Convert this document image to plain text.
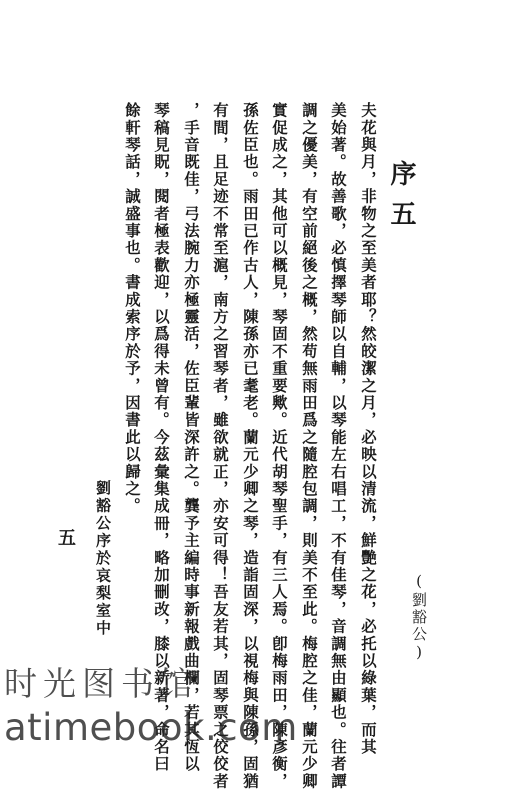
序五
(劉豁公)
夫花與月，非物之至美者耶？然皎潔之月，必映以清流，鮮艷之花，必托以綠葉，而其
美始著。故善歌，必慎擇琴師以自輔，以琴能左右唱工，不有佳琴，音調無由顯也。往者譚
調之優美，有空前絕後之概，然苟無雨田爲之隨腔包調，則美不至此。梅腔之佳，蘭元少卿
實促成之，其他可以概見，琴固不重要歟。近代胡琴聖手，有三人焉。卽梅雨田，陳彥衡，
孫佐臣也。雨田已作古人，陳孫亦已耄老。蘭元少卿之琴，造詣固深，以視梅與陳孫，固猶
有間，且足迹不常至滬，南方之習琴者，雖欲就正，亦安可得！吾友若其，固琴票之佼佼者
，手音既佳，弓法腕力亦極靈活，佐臣輩皆深許之。龔予主編時事新報戲曲欄，若其恆以
琴稿見貺，閱者極表歡迎，以爲得未曾有。今茲彙集成冊，略加刪改，膝以新著，命名曰
餘軒琴話，誠盛事也。書成索序於予，因書此以歸之。
劉豁公序於哀梨室中
五
时光图书馆
atimebook.com
